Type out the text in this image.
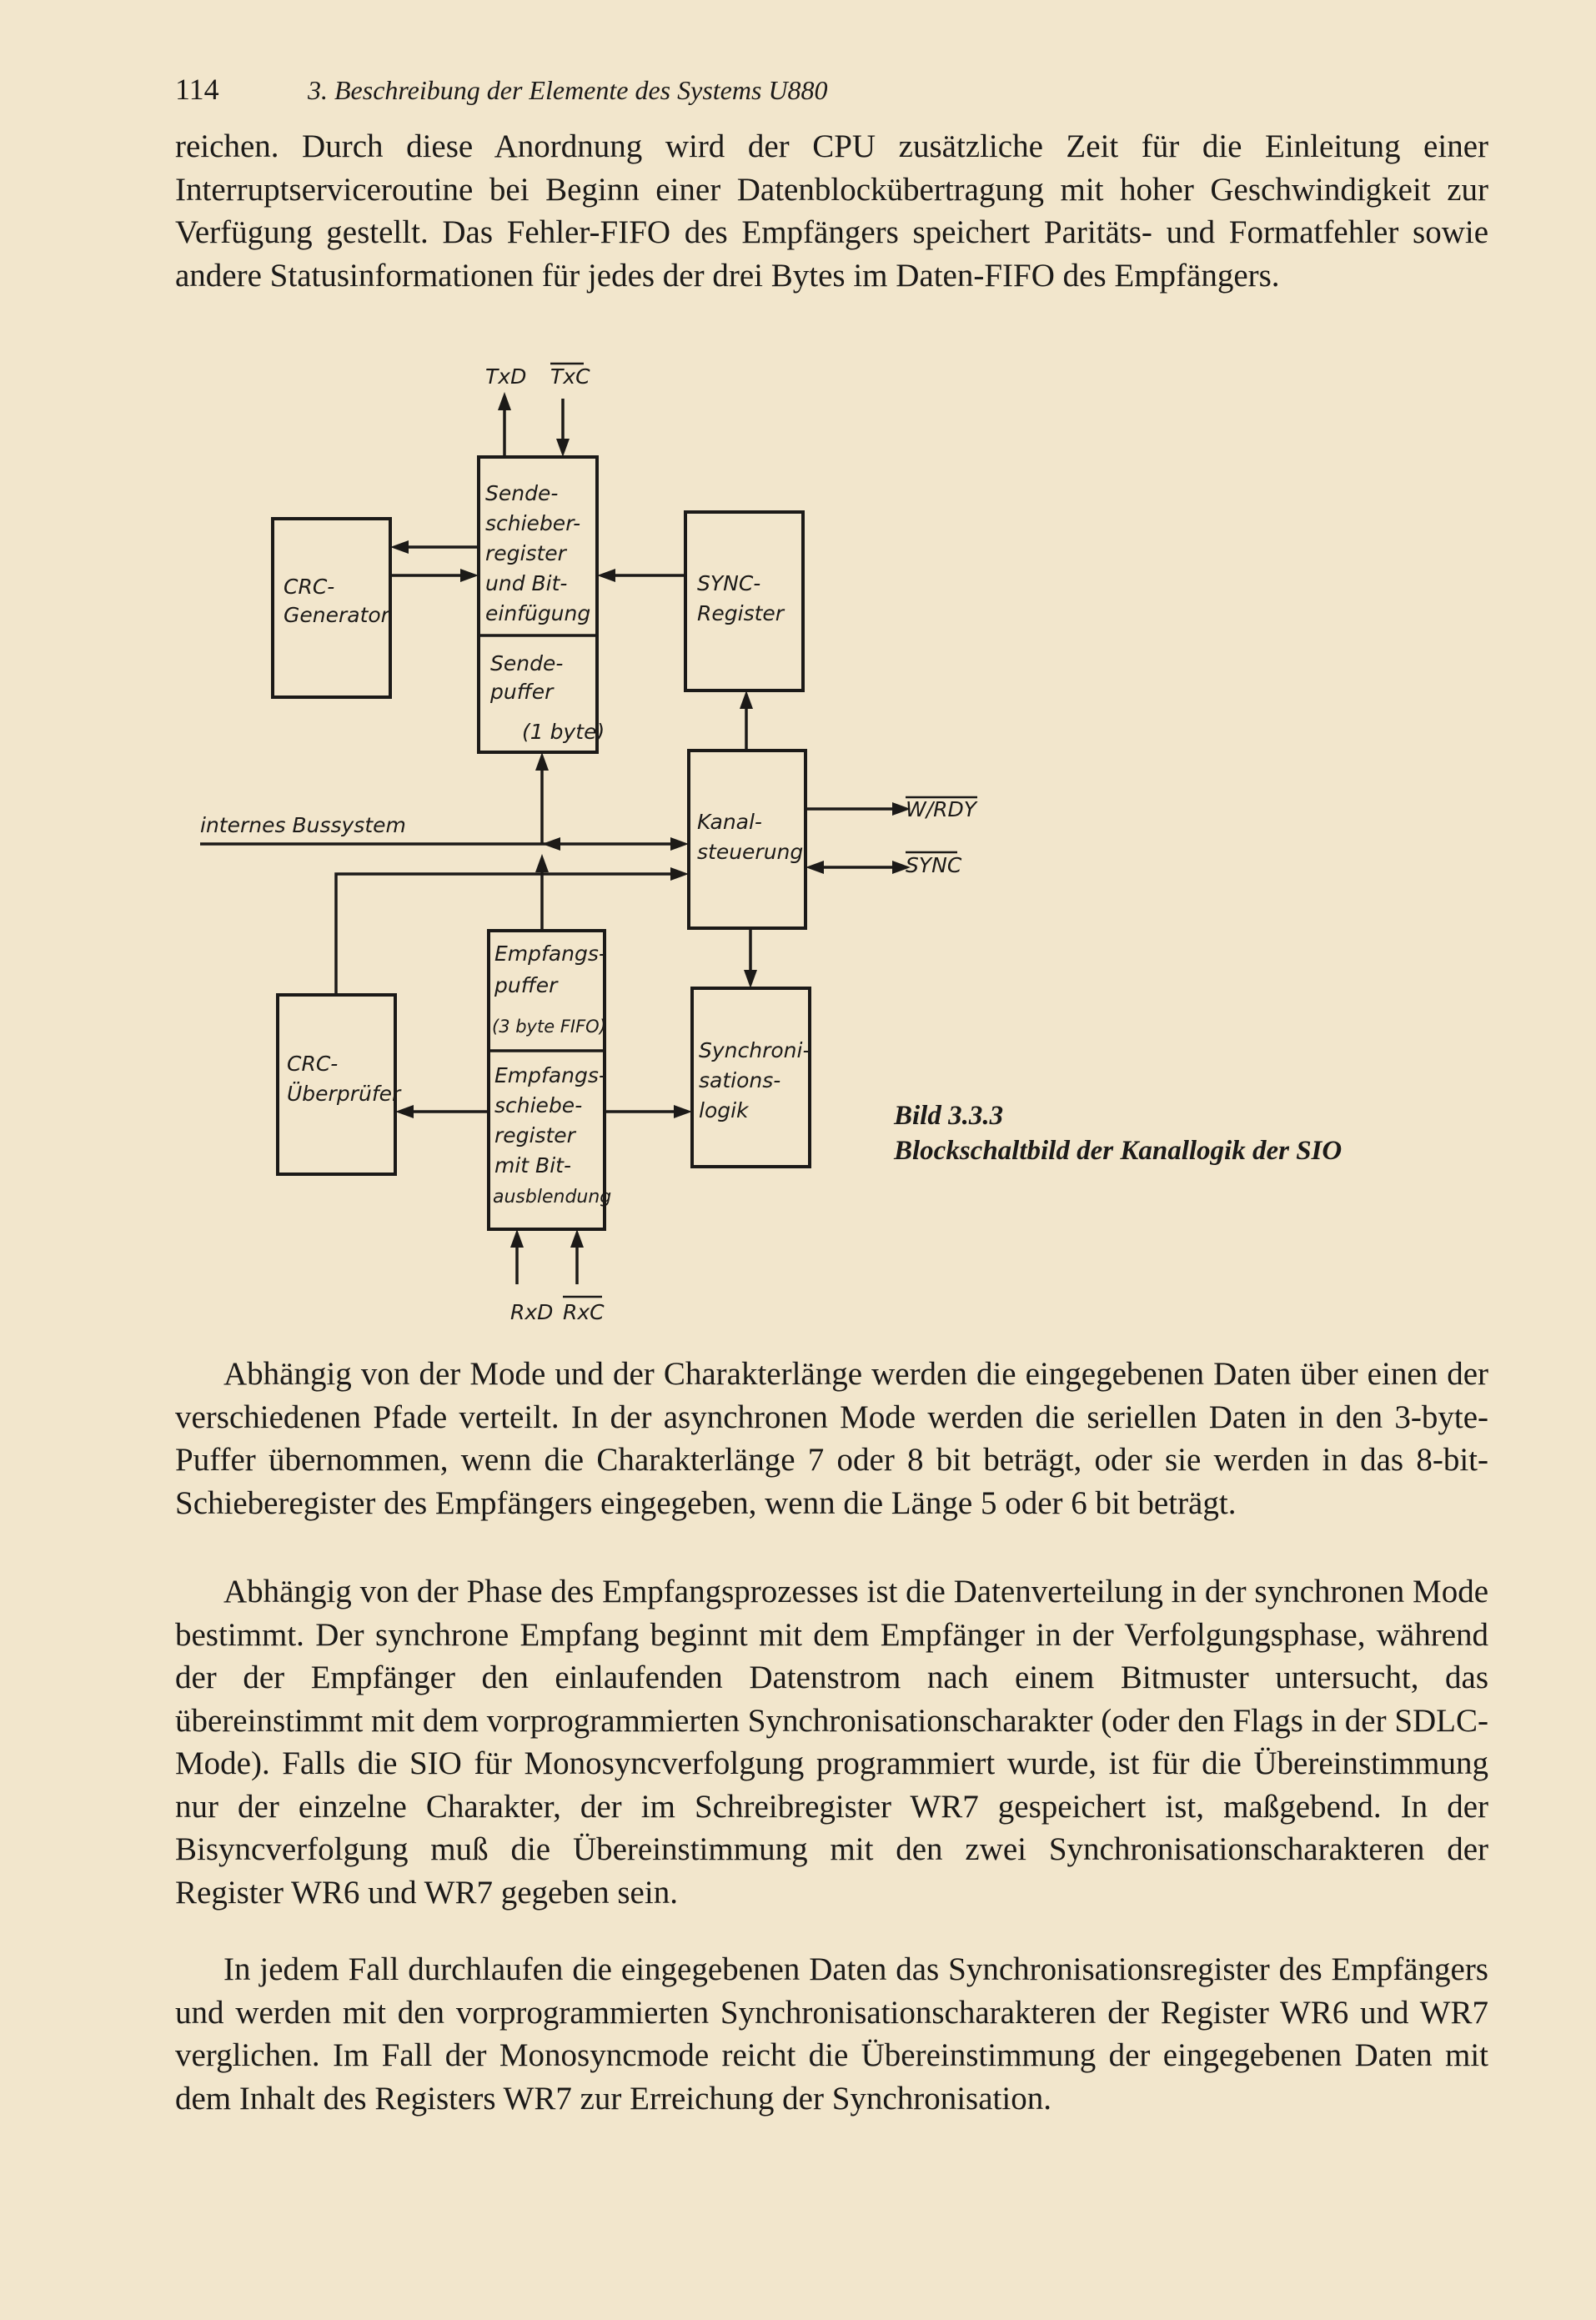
114	3. Beschreibung der Elemente des Systems U880

reichen. Durch diese Anordnung wird der CPU zusätzliche Zeit für die Einleitung einer Interruptserviceroutine bei Beginn einer Datenblockübertragung mit hoher Geschwindigkeit zur Verfügung gestellt. Das Fehler-FIFO des Empfängers speichert Paritäts- und Formatfehler sowie andere Statusinformationen für jedes der drei Bytes im Daten-FIFO des Empfängers.

TxD TxC
RxD RxC
W/RDY
SYNC
internes Bussystem
CRC-
Generator
Sende-
schieber-
register
und Bit-
einfügung
Sende-
puffer
(1 byte)
SYNC-
Register
Kanal-
steuerung
Empfangs-
puffer
(3 byte FIFO)
Empfangs-
schiebe-
register
mit Bit-
ausblendung
CRC-
Überprüfer
Synchroni-
sations-
logik	Bild 3.3.3
Blockschaltbild der Kanallogik der SIO

Abhängig von der Mode und der Charakterlänge werden die eingegebenen Daten über einen der verschiedenen Pfade verteilt. In der asynchronen Mode werden die seriellen Daten in den 3-byte-Puffer übernommen, wenn die Charakterlänge 7 oder 8 bit beträgt, oder sie werden in das 8-bit-Schieberegister des Empfängers eingegeben, wenn die Länge 5 oder 6 bit beträgt.

Abhängig von der Phase des Empfangsprozesses ist die Datenverteilung in der synchronen Mode bestimmt. Der synchrone Empfang beginnt mit dem Empfänger in der Verfolgungsphase, während der der Empfänger den einlaufenden Datenstrom nach einem Bitmuster untersucht, das übereinstimmt mit dem vorprogrammierten Synchronisationscharakter (oder den Flags in der SDLC-Mode). Falls die SIO für Monosyncverfolgung programmiert wurde, ist für die Übereinstimmung nur der einzelne Charakter, der im Schreibregister WR7 gespeichert ist, maßgebend. In der Bisyncverfolgung muß die Übereinstimmung mit den zwei Synchronisationscharakteren der Register WR6 und WR7 gegeben sein.

In jedem Fall durchlaufen die eingegebenen Daten das Synchronisationsregister des Empfängers und werden mit den vorprogrammierten Synchronisationscharakteren der Register WR6 und WR7 verglichen. Im Fall der Monosyncmode reicht die Übereinstimmung der eingegebenen Daten mit dem Inhalt des Registers WR7 zur Erreichung der Synchronisation.
